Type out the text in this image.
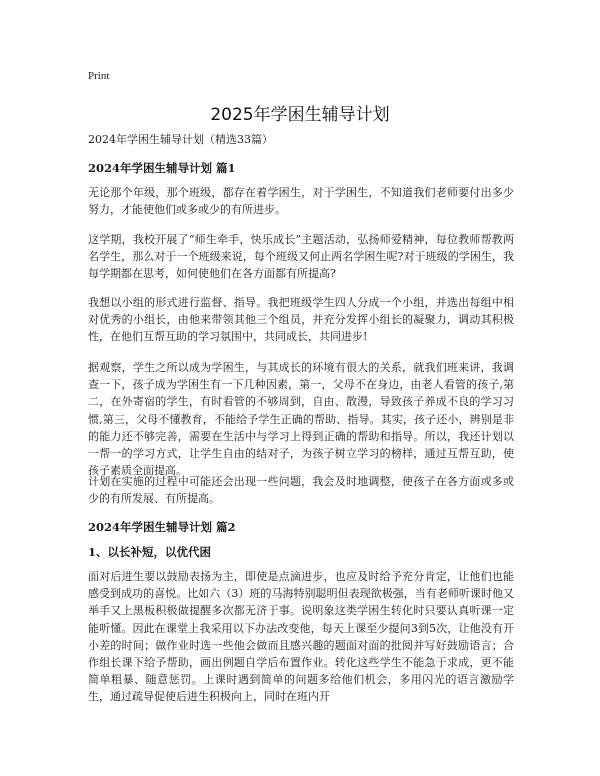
Print
2025年学困生辅导计划

2024年学困生辅导计划（精选33篇）

2024年学困生辅导计划 篇1

无论那个年级，那个班级，都存在着学困生，对于学困生，不知道我们老师要付出多少努力，才能使他们或多或少的有所进步。

这学期，我校开展了“师生牵手，快乐成长”主题活动，弘扬师爱精神，每位教师帮教两名学生，那么对于一个班级来说，每个班级又何止两名学困生呢?对于班级的学困生，我每学期都在思考，如何使他们在各方面都有所提高?

我想以小组的形式进行监督、指导。我把班级学生四人分成一个小组，并选出每组中相对优秀的小组长，由他来带领其他三个组员，并充分发挥小组长的凝聚力，调动其积极性，在他们互帮互助的学习氛围中，共同成长，共同进步!

据观察，学生之所以成为学困生，与其成长的环境有很大的关系，就我们班来讲，我调查一下，孩子成为学困生有一下几种因素，第一，父母不在身边，由老人看管的孩子,第二，在外寄宿的学生，有时看管的不够周到，自由、散漫，导致孩子养成不良的学习习惯,第三，父母不懂教育，不能给予学生正确的帮助、指导。其实，孩子还小，辨别是非的能力还不够完善，需要在生活中与学习上得到正确的帮助和指导。所以，我还计划以一帮一的学习方式，让学生自由的结对子，为孩子树立学习的榜样，通过互帮互助，使孩子素质全面提高。

计划在实施的过程中可能还会出现一些问题，我会及时地调整，使孩子在各方面或多或少的有所发展、有所提高。

2024年学困生辅导计划 篇2
1、以长补短，以优代困

面对后进生要以鼓励表扬为主，即使是点滴进步，也应及时给予充分肯定，让他们也能感受到成功的喜悦。比如六（3）班的马海特别聪明但表现欲极强，当有老师听课时他又举手又上黑板积极做提醒多次都无济于事。说明象这类学困生转化时只要认真听课一定能听懂。因此在课堂上我采用以下办法改变他，每天上课至少提问3到5次，让他没有开小差的时间；做作业时选一些他会做而且感兴趣的题面对面的批阅并写好鼓励语言；合作组长课下给予帮助，画出例题自学后布置作业。转化这些学生不能急于求成，更不能简单粗暴、随意惩罚。上课时遇到简单的问题多给他们机会，多用闪光的语言激励学生，通过疏导促使后进生积极向上，同时在班内开
